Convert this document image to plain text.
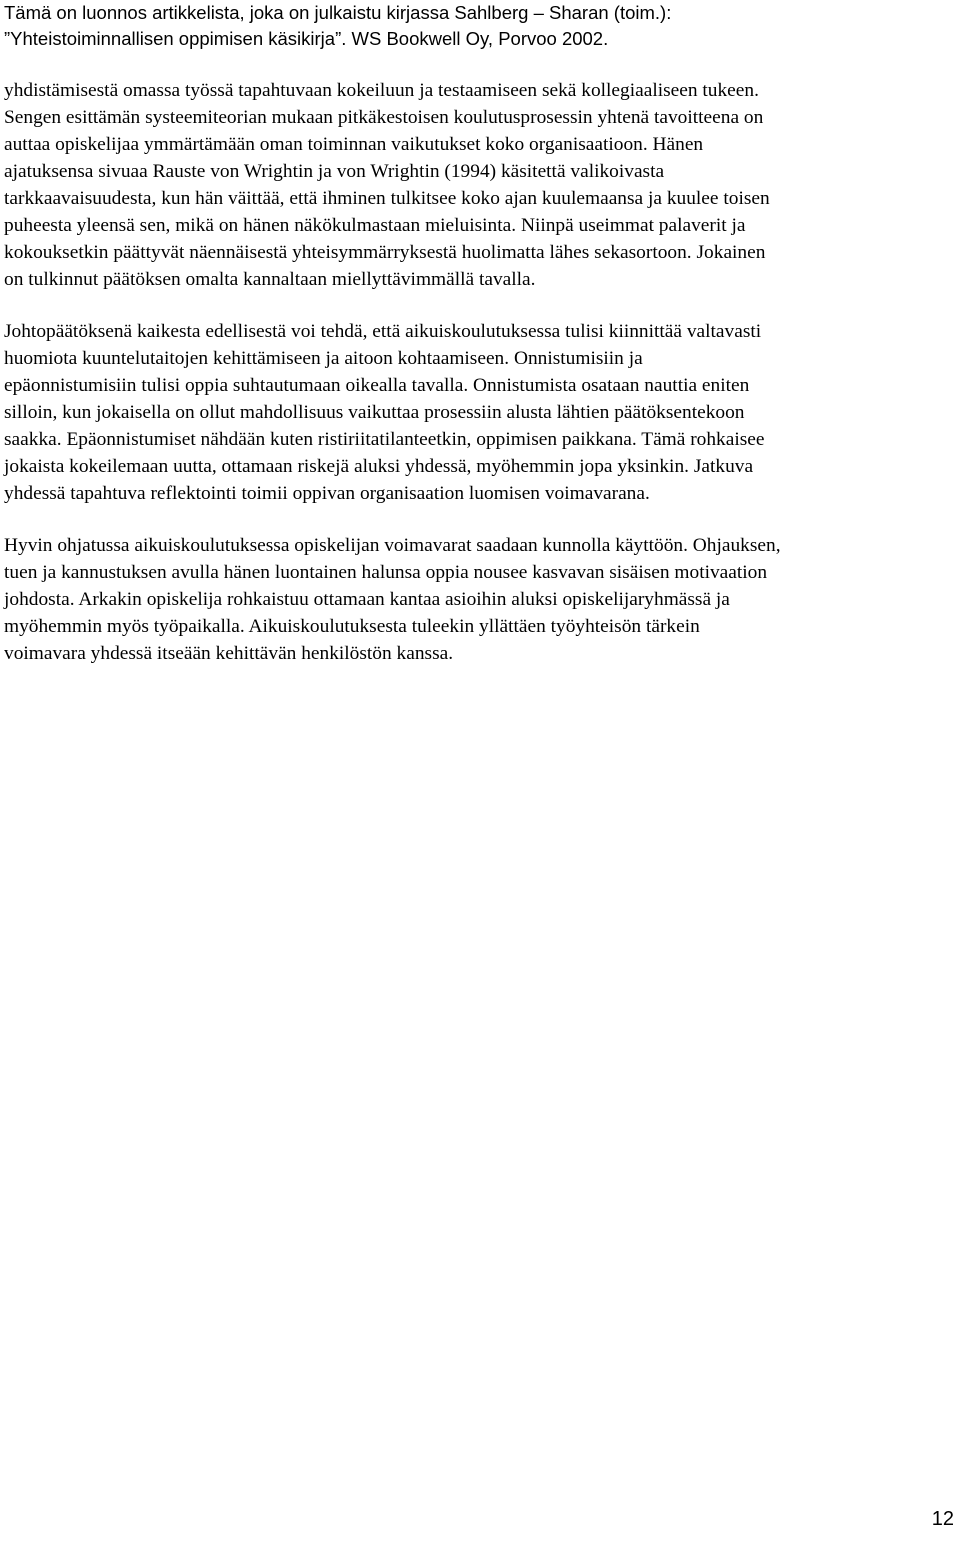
Tämä on luonnos artikkelista, joka on julkaistu kirjassa Sahlberg – Sharan (toim.):
”Yhteistoiminnallisen oppimisen käsikirja”. WS Bookwell Oy, Porvoo 2002.
yhdistämisestä omassa työssä tapahtuvaan kokeiluun ja testaamiseen sekä kollegiaaliseen tukeen.
Sengen esittämän systeemiteorian mukaan pitkäkestoisen koulutusprosessin yhtenä tavoitteena on
auttaa opiskelijaa ymmärtämään oman toiminnan vaikutukset koko organisaatioon. Hänen
ajatuksensa sivuaa Rauste von Wrightin ja von Wrightin (1994) käsitettä valikoivasta
tarkkaavaisuudesta, kun hän väittää, että ihminen tulkitsee koko ajan kuulemaansa ja kuulee toisen
puheesta yleensä sen, mikä on hänen näkökulmastaan mieluisinta. Niinpä useimmat palaverit ja
kokouksetkin päättyvät näennäisestä yhteisymmärryksestä huolimatta lähes sekasortoon. Jokainen
on tulkinnut päätöksen omalta kannaltaan miellyttävimmällä tavalla.
Johtopäätöksenä kaikesta edellisestä voi tehdä, että aikuiskoulutuksessa tulisi kiinnittää valtavasti
huomiota kuuntelutaitojen kehittämiseen ja aitoon kohtaamiseen. Onnistumisiin ja
epäonnistumisiin tulisi oppia suhtautumaan oikealla tavalla. Onnistumista osataan nauttia eniten
silloin, kun jokaisella on ollut mahdollisuus vaikuttaa prosessiin alusta lähtien päätöksentekoon
saakka. Epäonnistumiset nähdään kuten ristiriitatilanteetkin, oppimisen paikkana. Tämä rohkaisee
jokaista kokeilemaan uutta, ottamaan riskejä aluksi yhdessä, myöhemmin jopa yksinkin. Jatkuva
yhdessä tapahtuva reflektointi toimii oppivan organisaation luomisen voimavarana.
Hyvin ohjatussa aikuiskoulutuksessa opiskelijan voimavarat saadaan kunnolla käyttöön. Ohjauksen,
tuen ja kannustuksen avulla hänen luontainen halunsa oppia nousee kasvavan sisäisen motivaation
johdosta. Arkakin opiskelija rohkaistuu ottamaan kantaa asioihin aluksi opiskelijaryhmässä ja
myöhemmin myös työpaikalla. Aikuiskoulutuksesta tuleekin yllättäen työyhteisön tärkein
voimavara yhdessä itseään kehittävän henkilöstön kanssa.
12
